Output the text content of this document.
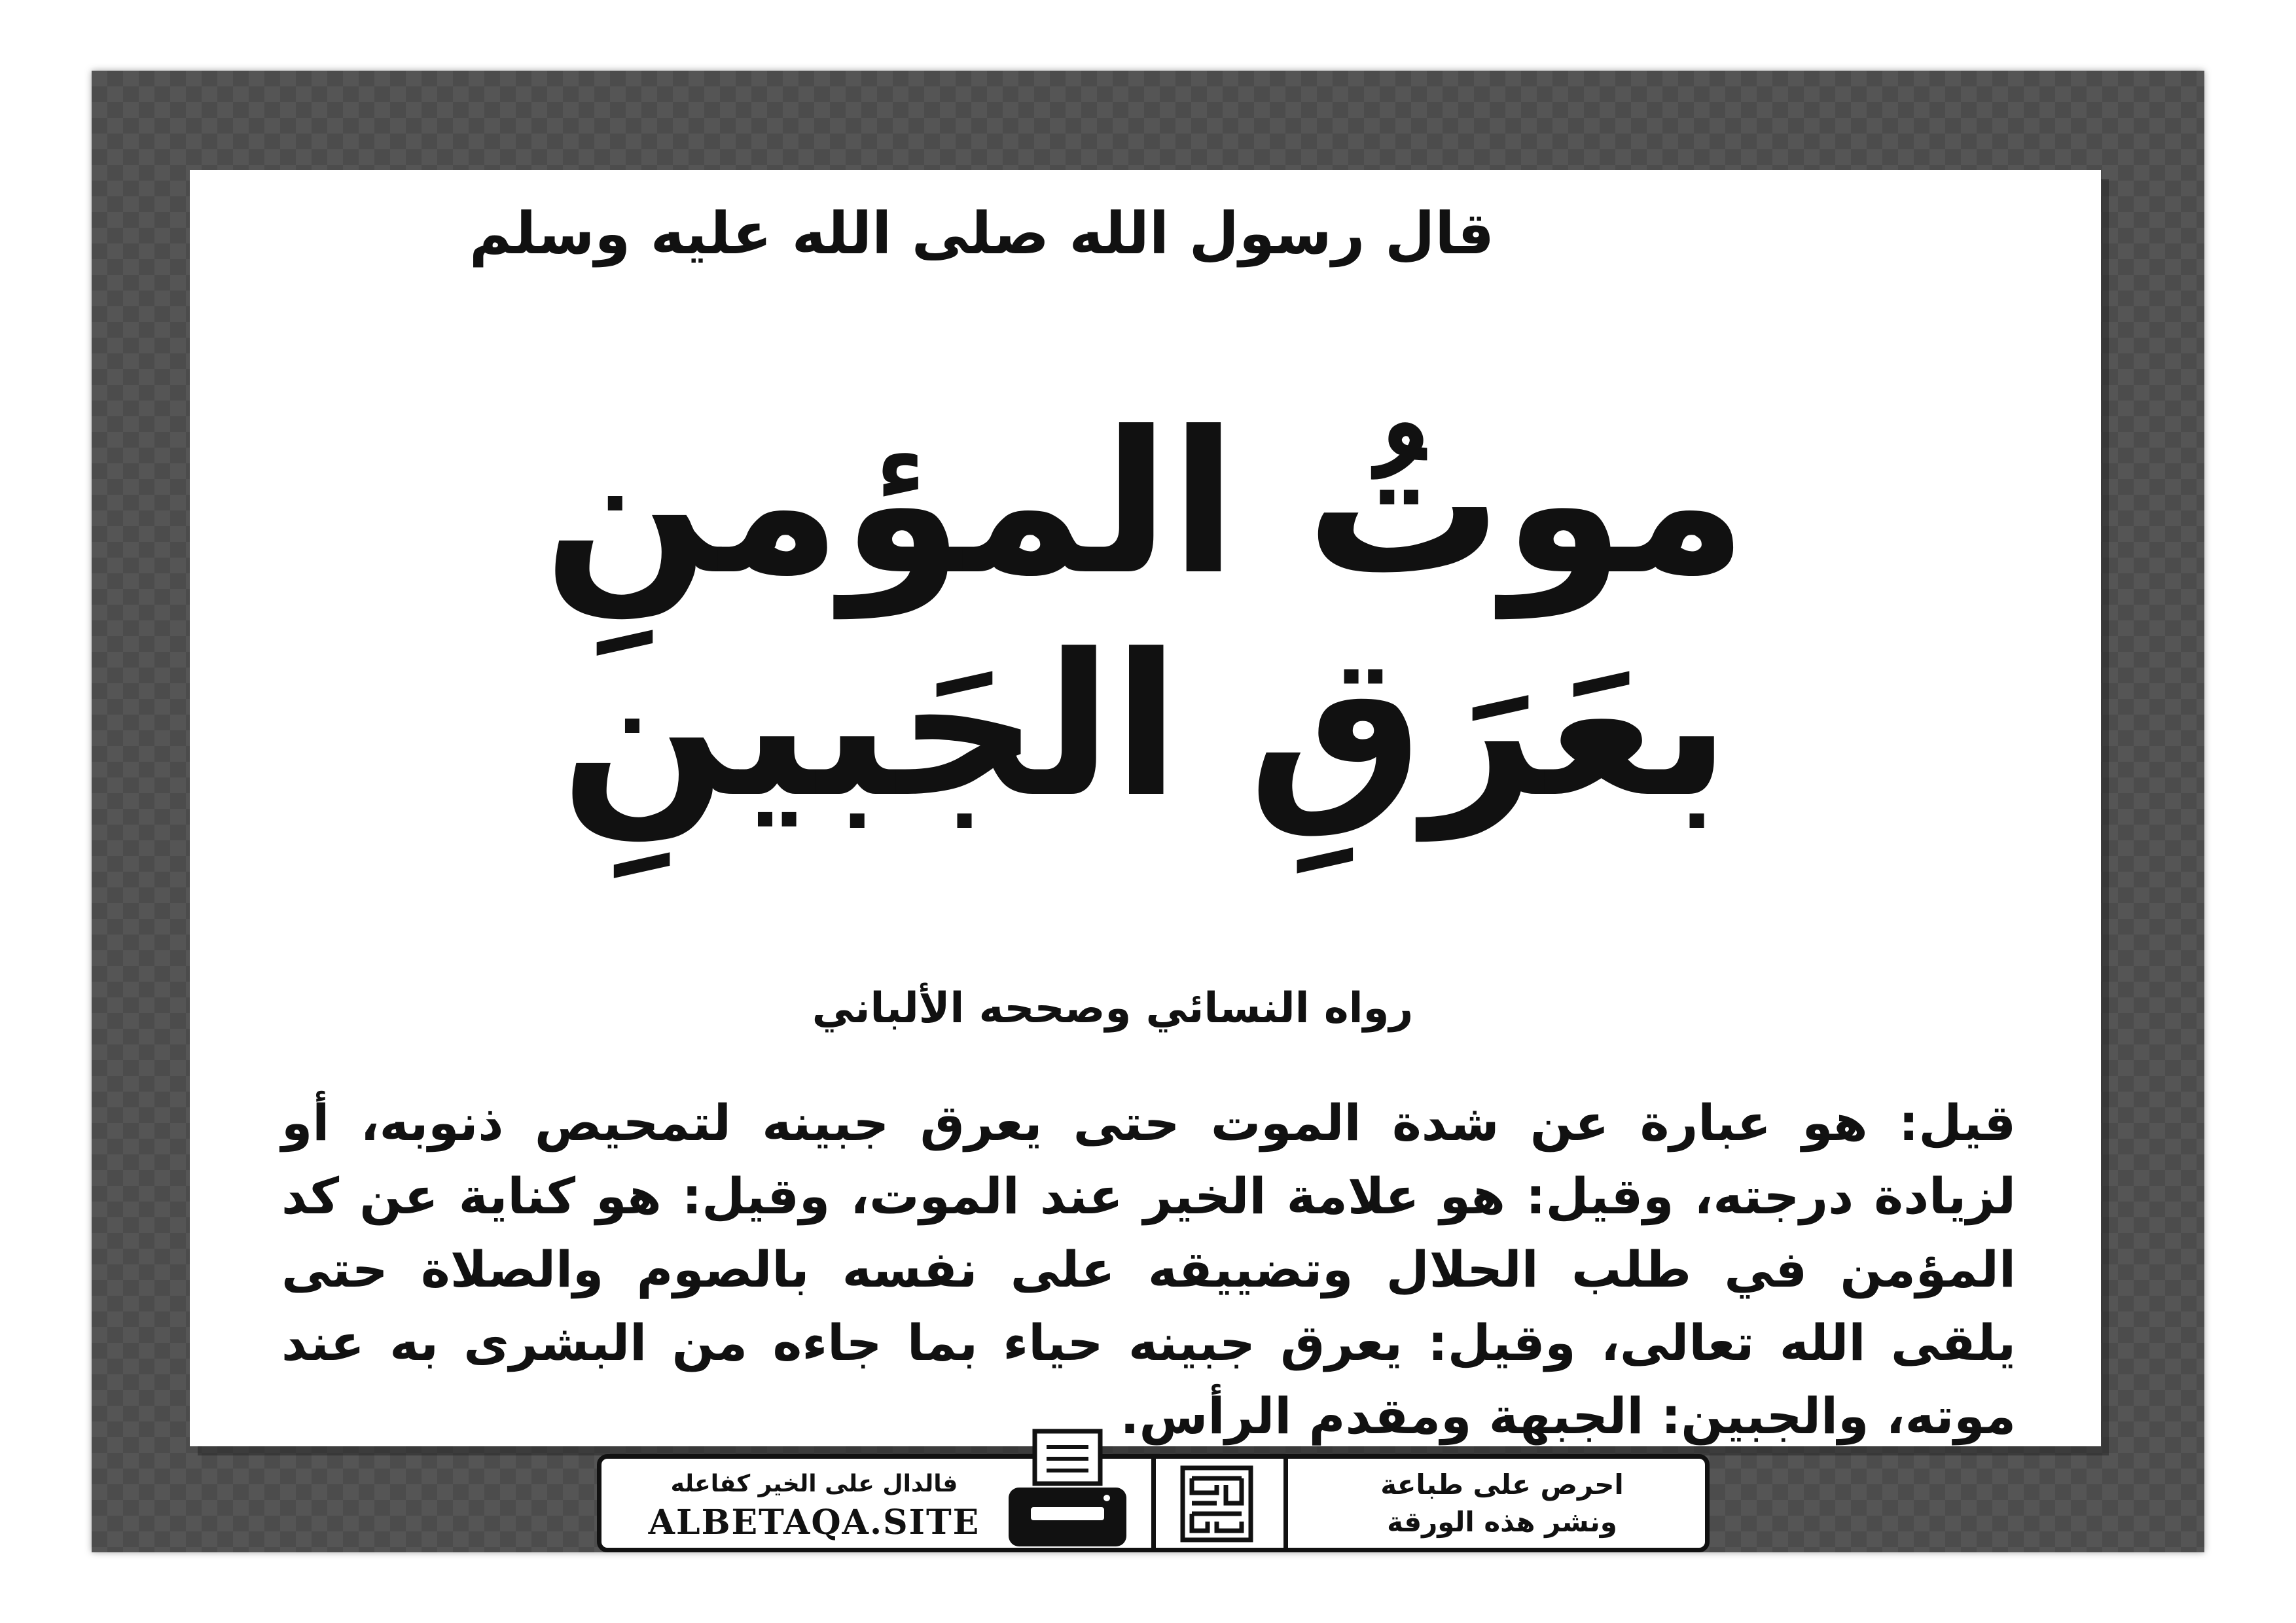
قال رسول الله صلى الله عليه وسلم
موتُ المؤمنِ
بعَرَقِ الجَبينِ
رواه النسائي وصححه الألباني
قيل: هو عبارة عن شدة الموت حتى يعرق جبينه لتمحيص ذنوبه، أو لزيادة درجته، وقيل: هو علامة الخير عند الموت، وقيل: هو كناية عن كد المؤمن في طلب الحلال وتضييقه على نفسه بالصوم والصلاة حتى يلقى الله تعالى، وقيل: يعرق جبينه حياء بما جاءه من البشرى به عند موته، والجبين: الجبهة ومقدم الرأس.
فالدال على الخير كفاعله
ALBETAQA.SITE
احرص على طباعة
ونشر هذه الورقة
